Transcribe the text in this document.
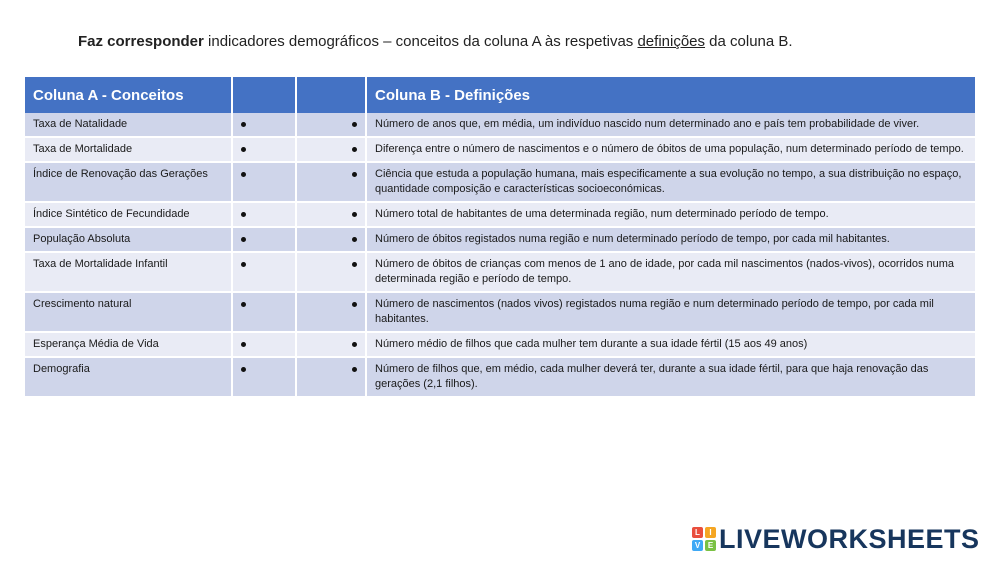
Faz corresponder indicadores demográficos – conceitos da coluna A às respetivas definições da coluna B.
Coluna A - Conceitos			Coluna B - Definições
Taxa de Natalidade			Número de anos que, em média, um indivíduo nascido num determinado ano e país tem probabilidade de viver.
Taxa de Mortalidade			Diferença entre o número de nascimentos e o número de óbitos de uma população, num determinado período de tempo.
Índice de Renovação das Gerações			Ciência que estuda a população humana, mais especificamente a sua evolução no tempo, a sua distribuição no espaço, quantidade composição e características socioeconómicas.
Índice Sintético de Fecundidade			Número total de habitantes de uma determinada região, num determinado período de tempo.
População Absoluta			Número de óbitos registados numa região e num determinado período de tempo, por cada mil habitantes.
Taxa de Mortalidade Infantil			Número de óbitos de crianças com menos de 1 ano de idade, por cada mil nascimentos (nados-vivos), ocorridos numa determinada região e período de tempo.
Crescimento natural			Número de nascimentos (nados vivos) registados numa região e num determinado período de tempo, por cada mil habitantes.
Esperança Média de Vida			Número médio de filhos que cada mulher tem durante a sua idade fértil (15 aos 49 anos)
Demografia			Número de filhos que, em médio, cada mulher deverá ter, durante a sua idade fértil, para que haja renovação das gerações (2,1 filhos).
L	I
V E LIVEWORKSHEETS
